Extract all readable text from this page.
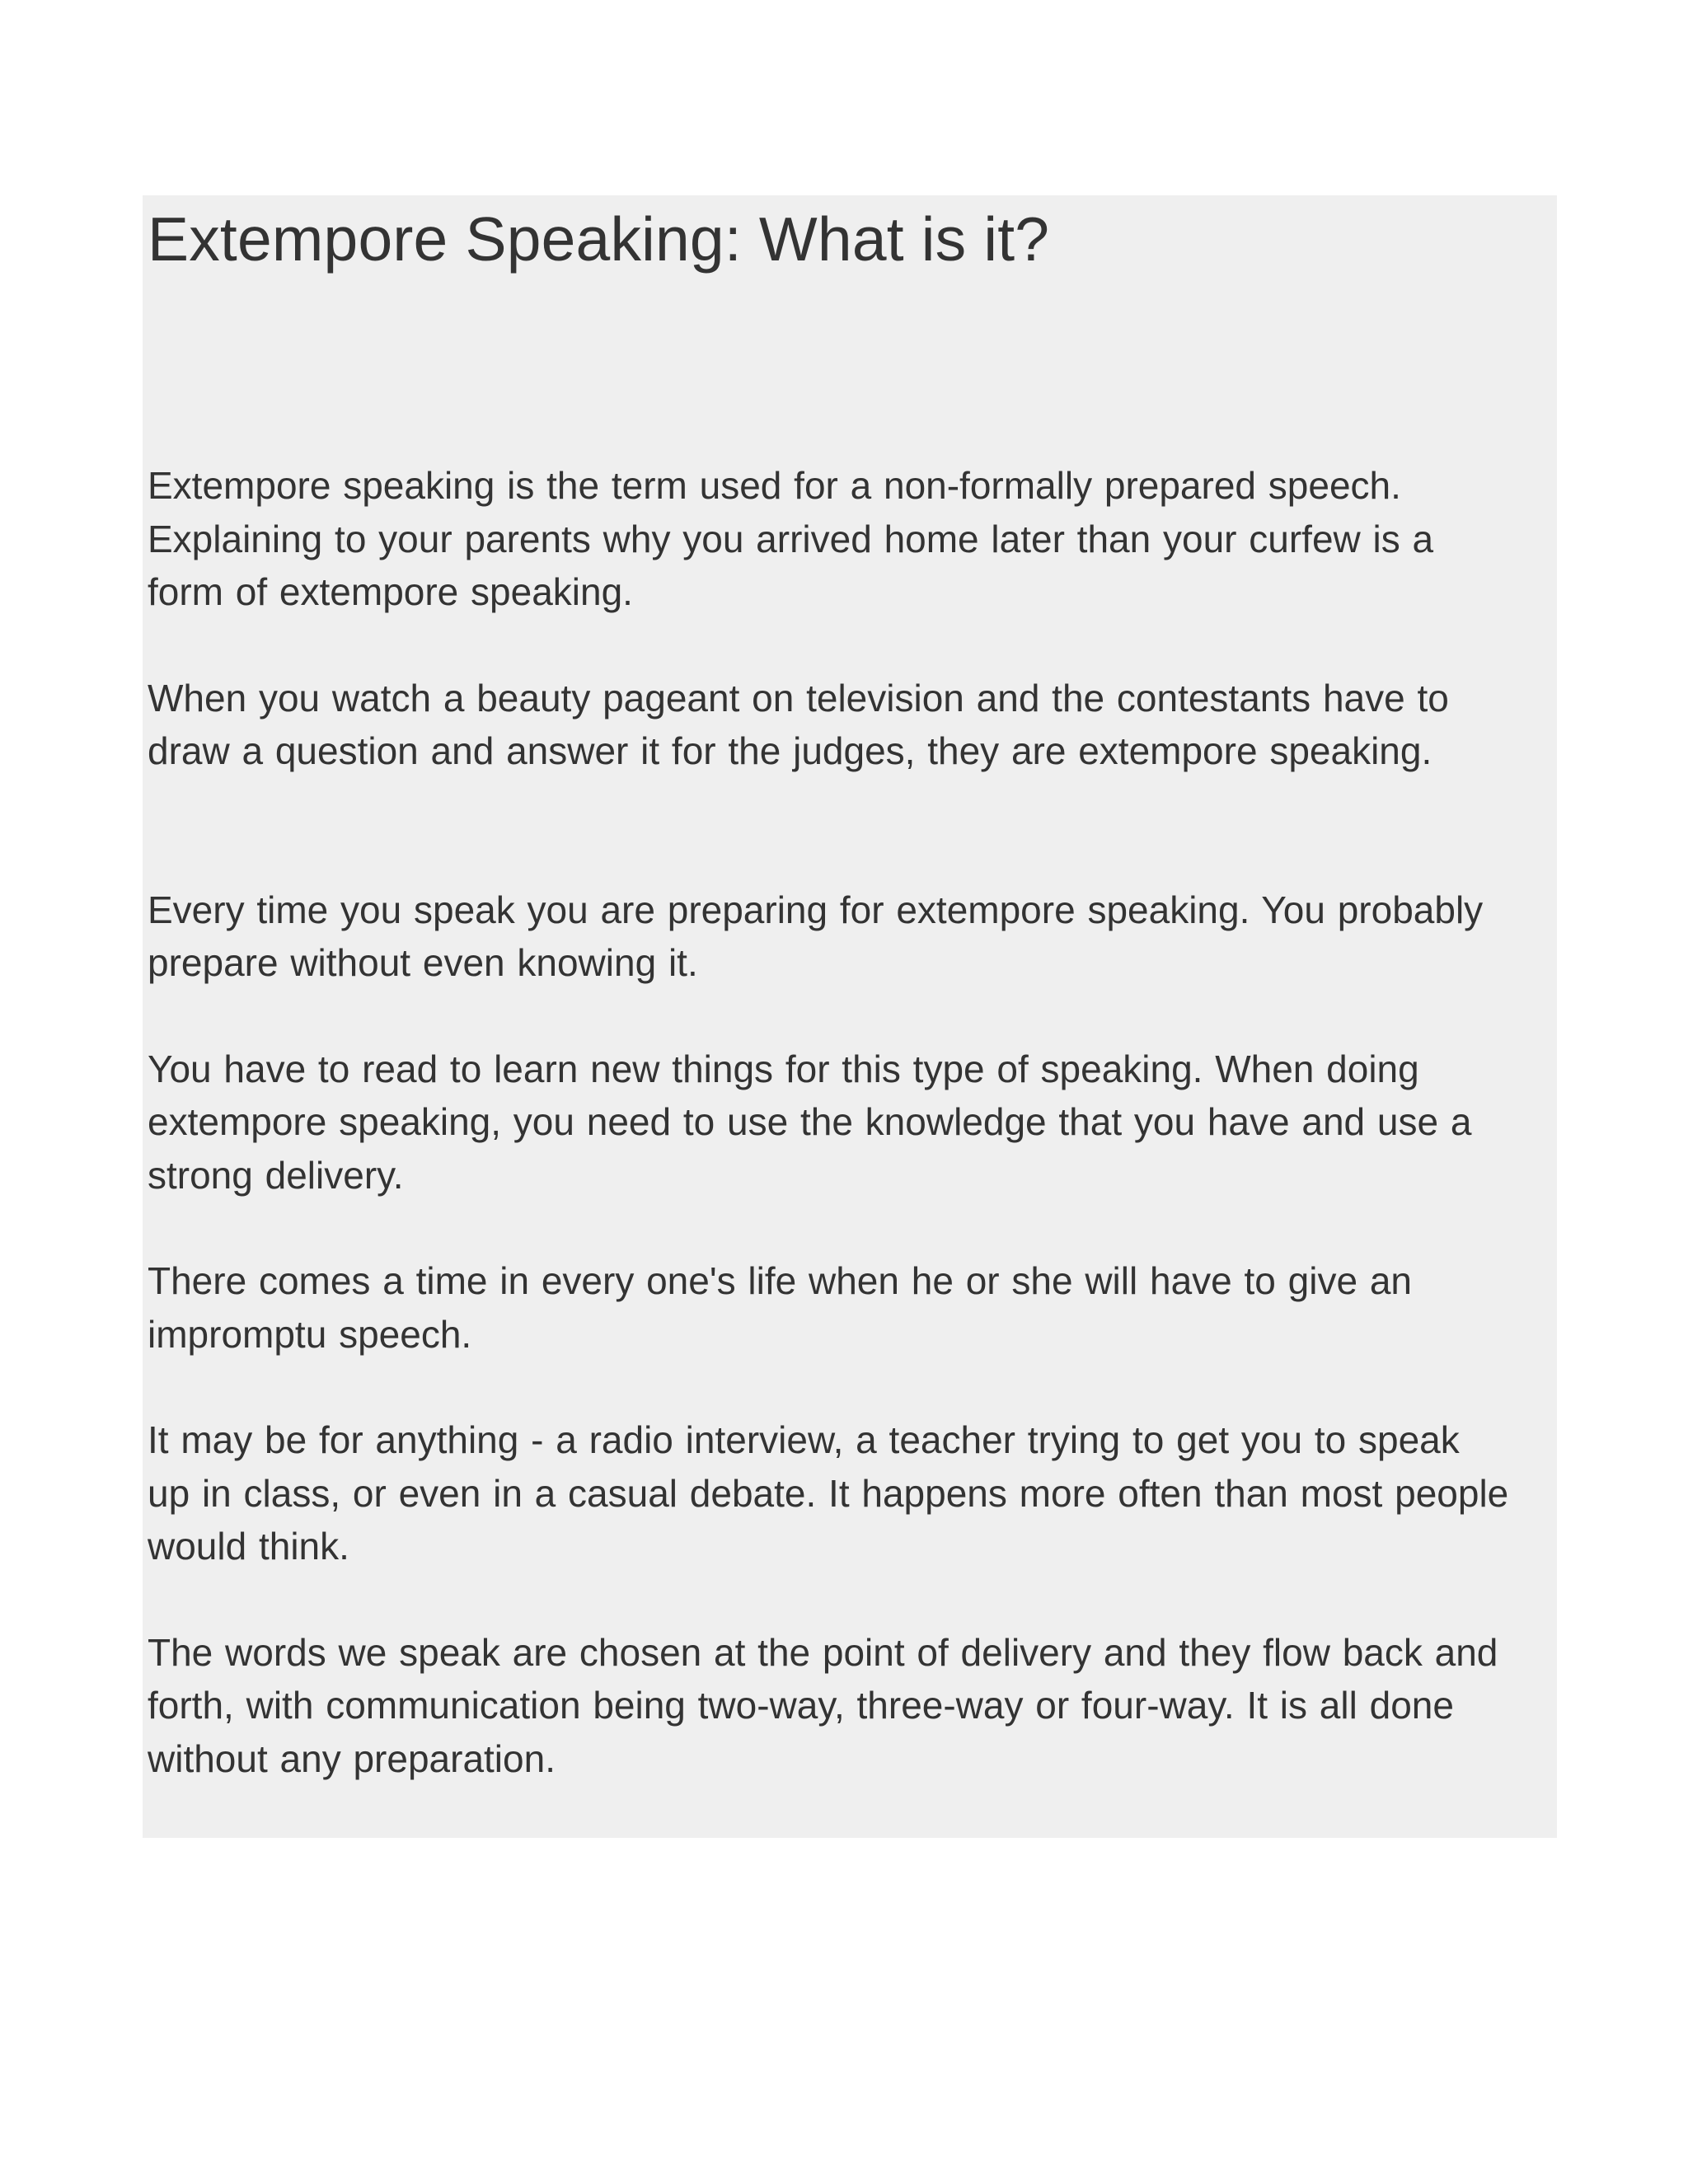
Extempore Speaking: What is it?

Extempore speaking is the term used for a non-formally prepared speech.
Explaining to your parents why you arrived home later than your curfew is a
form of extempore speaking.

When you watch a beauty pageant on television and the contestants have to
draw a question and answer it for the judges, they are extempore speaking.

Every time you speak you are preparing for extempore speaking. You probably
prepare without even knowing it.

You have to read to learn new things for this type of speaking. When doing
extempore speaking, you need to use the knowledge that you have and use a
strong delivery.

There comes a time in every one's life when he or she will have to give an
impromptu speech.

It may be for anything - a radio interview, a teacher trying to get you to speak
up in class, or even in a casual debate. It happens more often than most people
would think.

The words we speak are chosen at the point of delivery and they flow back and
forth, with communication being two-way, three-way or four-way. It is all done
without any preparation.
